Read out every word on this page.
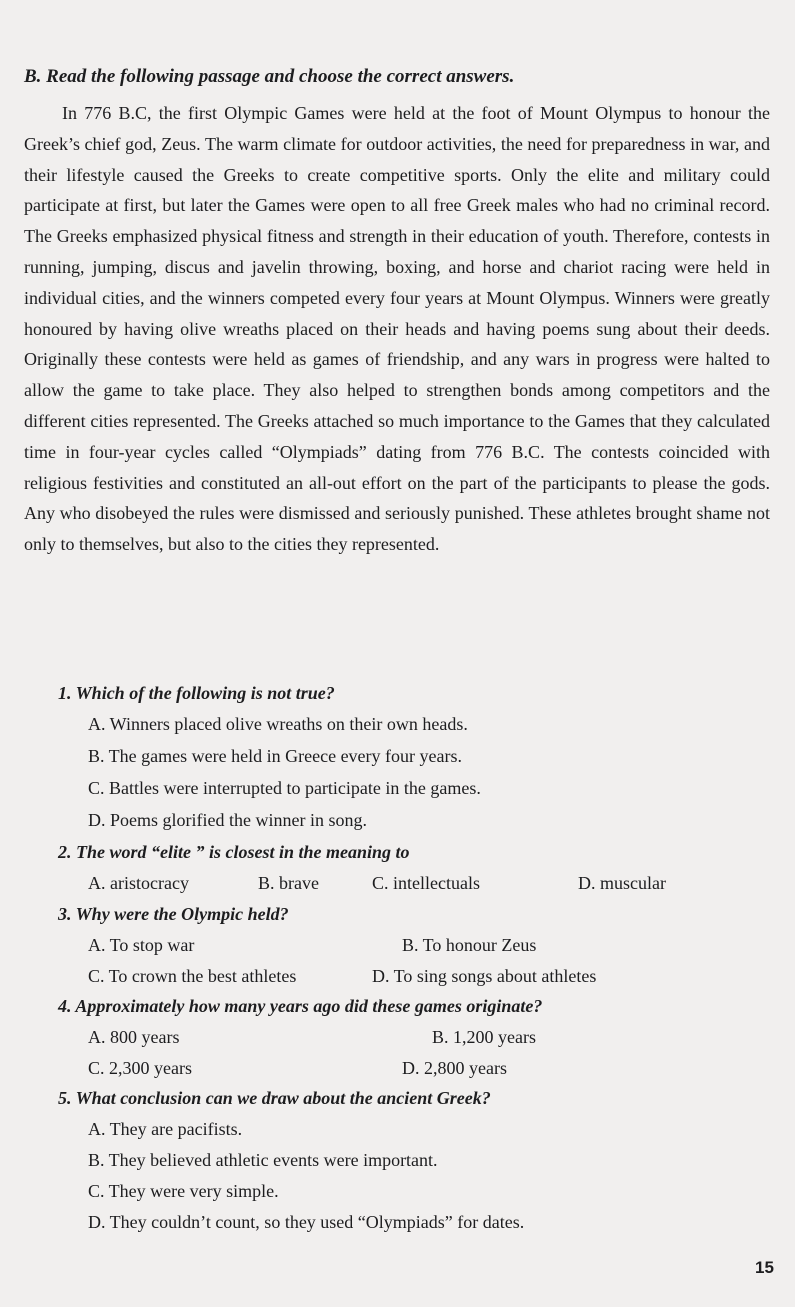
B. Read the following passage and choose the correct answers.
In 776 B.C, the first Olympic Games were held at the foot of Mount Olympus to honour the Greek’s chief god, Zeus. The warm climate for outdoor activities, the need for preparedness in war, and their lifestyle caused the Greeks to create competitive sports. Only the elite and military could participate at first, but later the Games were open to all free Greek males who had no criminal record. The Greeks emphasized physical fitness and strength in their education of youth. Therefore, contests in running, jumping, discus and javelin throwing, boxing, and horse and chariot racing were held in individual cities, and the winners competed every four years at Mount Olympus. Winners were greatly honoured by having olive wreaths placed on their heads and having poems sung about their deeds. Originally these contests were held as games of friendship, and any wars in progress were halted to allow the game to take place. They also helped to strengthen bonds among competitors and the different cities represented. The Greeks attached so much importance to the Games that they calculated time in four-year cycles called “Olympiads” dating from 776 B.C. The contests coincided with religious festivities and constituted an all-out effort on the part of the participants to please the gods. Any who disobeyed the rules were dismissed and seriously punished. These athletes brought shame not only to themselves, but also to the cities they represented.
1. Which of the following is not true?
A. Winners placed olive wreaths on their own heads.
B. The games were held in Greece every four years.
C. Battles were interrupted to participate in the games.
D. Poems glorified the winner in song.
2. The word “elite ” is closest in the meaning to
A. aristocracy	B. brave	C. intellectuals	D. muscular
3. Why were the Olympic held?
A. To stop war	B. To honour Zeus
C. To crown the best athletes	D. To sing songs about athletes
4. Approximately how many years ago did these games originate?
A. 800 years	B. 1,200 years
C. 2,300 years	D. 2,800 years
5. What conclusion can we draw about the ancient Greek?
A. They are pacifists.
B. They believed athletic events were important.
C. They were very simple.
D. They couldn’t count, so they used “Olympiads” for dates.
15
